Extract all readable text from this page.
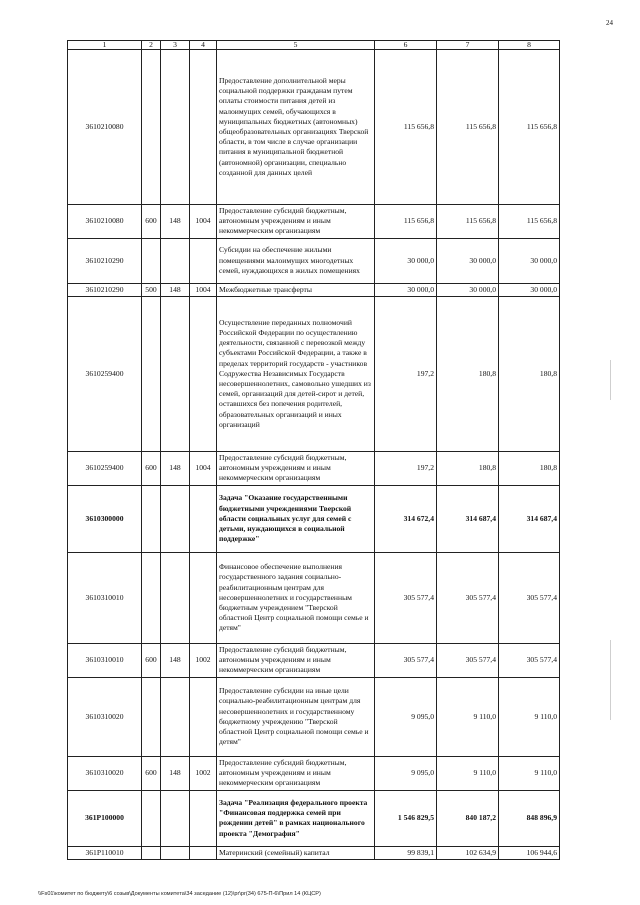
24
1	2	3	4	5	6	7	8
3610210080				Предоставление дополнительной меры социальной поддержки гражданам путем оплаты стоимости питания детей из малоимущих семей, обучающихся в муниципальных бюджетных (автономных) общеобразовательных организациях Тверской области, в том числе в случае организации питания в муниципальной бюджетной (автономной) организации, специально созданной для данных целей	115 656,8	115 656,8	115 656,8
3610210080	600	148	1004	Предоставление субсидий бюджетным, автономным учреждениям и иным некоммерческим организациям	115 656,8	115 656,8	115 656,8
3610210290				Субсидии на обеспечение жилыми помещениями малоимущих многодетных семей, нуждающихся в жилых помещениях	30 000,0	30 000,0	30 000,0
3610210290	500	148	1004	Межбюджетные трансферты	30 000,0	30 000,0	30 000,0
3610259400				Осуществление переданных полномочий Российской Федерации по осуществлению деятельности, связанной с перевозкой между субъектами Российской Федерации, а также в пределах территорий государств - участников Содружества Независимых Государств несовершеннолетних, самовольно ушедших из семей, организаций для детей-сирот и детей, оставшихся без попечения родителей, образовательных организаций и иных организаций	197,2	180,8	180,8
3610259400	600	148	1004	Предоставление субсидий бюджетным, автономным учреждениям и иным некоммерческим организациям	197,2	180,8	180,8
3610300000				Задача "Оказание государственными бюджетными учреждениями Тверской области социальных услуг для семей с детьми, нуждающихся в социальной поддержке"	314 672,4	314 687,4	314 687,4
3610310010				Финансовое обеспечение выполнения государственного задания социально-реабилитационным центрам для несовершеннолетних и государственным бюджетным учреждением "Тверской областной Центр социальной помощи семье и детям"	305 577,4	305 577,4	305 577,4
3610310010	600	148	1002	Предоставление субсидий бюджетным, автономным учреждениям и иным некоммерческим организациям	305 577,4	305 577,4	305 577,4
3610310020				Предоставление субсидии на иные цели социально-реабилитационным центрам для несовершеннолетних и государственному бюджетному учреждению "Тверской областной Центр социальной помощи семье и детям"	9 095,0	9 110,0	9 110,0
3610310020	600	148	1002	Предоставление субсидий бюджетным, автономным учреждениям и иным некоммерческим организациям	9 095,0	9 110,0	9 110,0
361P100000				Задача "Реализация федерального проекта "Финансовая поддержка семей при рождении детей" в рамках национального проекта "Демография"	1 546 829,5	840 187,2	848 896,9
361P110010				Материнский (семейный) капитал	99 839,1	102 634,9	106 944,6
\\Fs01\комитет по бюджету\6 созыв\Документы комитета\34 заседание (12)\pr\pr(34) 675-П-6\Прил 14 (КЦСР)
